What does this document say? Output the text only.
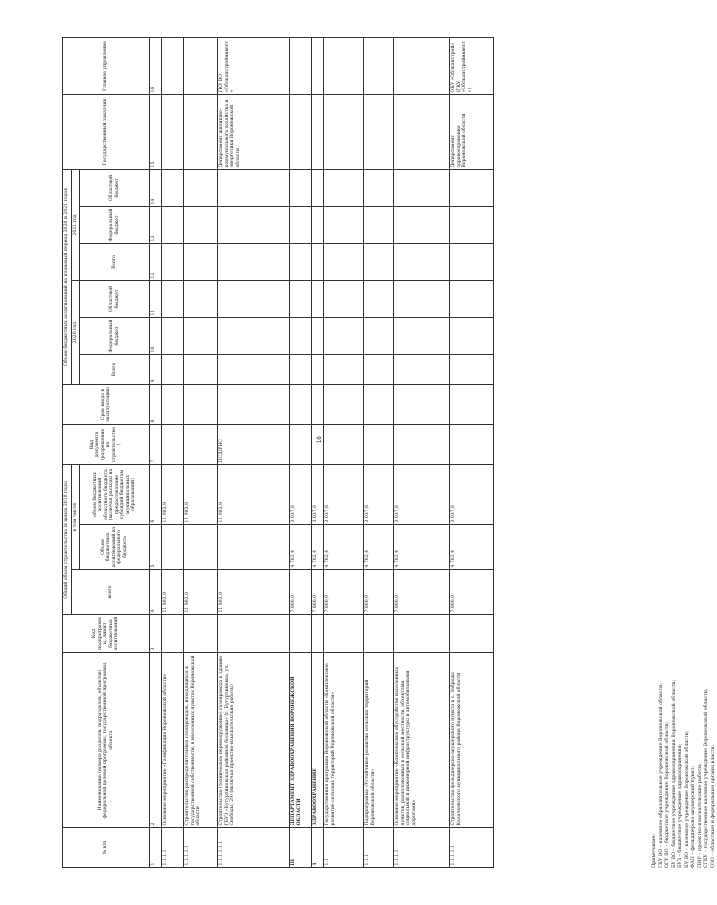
16
№ п/п	Наименование (номера разделов, подразделов, объектов) федеральной целевой программы, государственной программы, объекта	Код подпрограммы, лимит бюджетных ассигнований	Общий объем строительства (в ценах 2018 года)			Вид документа (разрешение на строительство)	Срок ввода в эксплуатацию	Объем бюджетных ассигнований на плановый период 2020 и 2021 годов						Государственный заказчик	Главное управление
			всего	в том числе				2020 год			2021 год				
				Объем бюджетных ассигнований из федерального бюджета	объем бюджетных ассигнований областного бюджета (включая расходы на предоставление субсидий бюджетам муниципальных образований)			Всего	Федеральный бюджет	Областной бюджет	Всего	Федеральный бюджет	Областной бюджет		
1	2	3	4	5	6	7	8	9	10	11	12	13	14	15	16
1.1.1.1	Основное мероприятие «Газификация Воронежской области»		11 983,9		11 983,9										
1.1.1.1.1	Строительство распределительных газопроводов, находящихся в государственной собственности, в населенных пунктах Воронежской области		11 983,9		11 983,9										
1.1.1.1.1.1	Строительство (техническое перевооружение) газопровода к зданию ГБУЗ «Бутурлиновская районная больница» (г. Бутурлиновка, ул. Свободы, 29) (включая проектно-изыскательские работы)		11 983,9		11 983,9	ПСД/РНС								Департамент жилищно-коммунального хозяйства и энергетики Воронежской области	ГКУ ВО «Облкапстройинвест»
III	ДЕПАРТАМЕНТ ЗДРАВООХРАНЕНИЯ ВОРОНЕЖСКОЙ ОБЛАСТИ		7 800,0	4 762,4	3 037,6										
1	ЗДРАВООХРАНЕНИЕ		7 800,0	4 762,4	3 037,6										
1.1	Государственная программа Воронежской области «Комплексное развитие сельских территорий Воронежской области»		7 800,0	4 762,4	3 037,6										
1.1.1	Подпрограмма «Устойчивое развитие сельских территорий Воронежской области»		7 800,0	4 762,4	3 037,6										
1.1.1.1	Основное мероприятие «Комплексное обустройство населенных пунктов, расположенных в сельской местности, объектами социальной и инженерной инфраструктуры и автомобильными дорогами»		7 800,0	4 762,4	3 037,6										
1.1.1.1.1	Строительство фельдшерско-акушерского пункта в с. Заброды Калачеевского муниципального района Воронежской области		7 800,0	4 762,4	3 037,6									Департамент здравоохранения Воронежской области	ОКУ «Облкапстрой» (ГКУ «Облкапстройинвест»)
Примечание: ГКУ ВО – казенное образовательное учреждение Воронежской области; ОГУ ВО – бюджетное учреждение Воронежской области; БУ ВО – бюджетное учреждение здравоохранения Воронежской области; БУЗ – бюджетное учреждение здравоохранения; КУ ВО – казенное учреждение Воронежской области; ФАП – фельдшерско-акушерский пункт; ПИР – проектно-изыскательские работы; СГКУ – государственное казенное учреждение Воронежской области; ОЗО – областные и федеральные органы власти.
